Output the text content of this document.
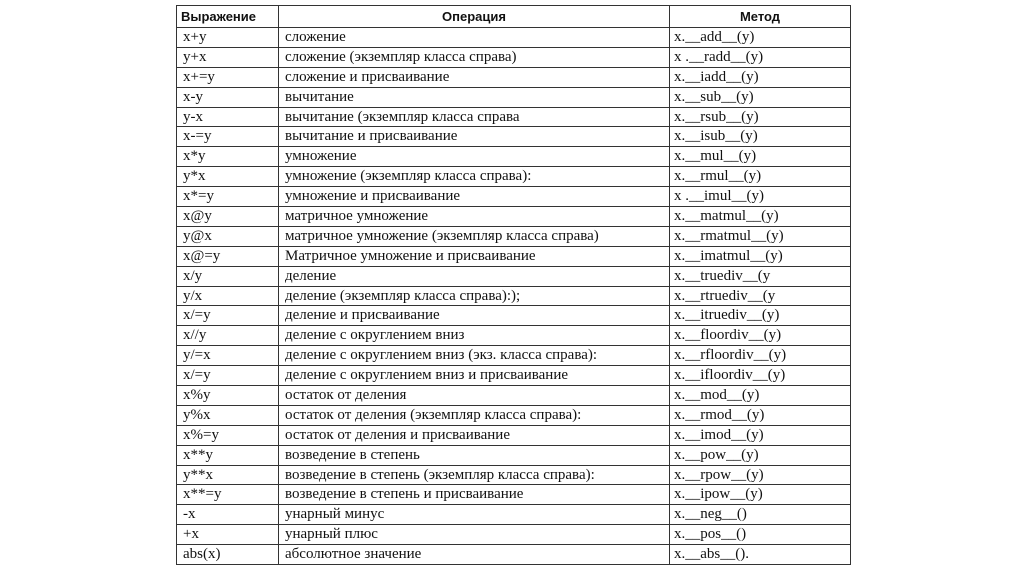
Выражение	Операция	Метод
x+y	сложение	x.__add__(y)
y+x	сложение (экземпляр класса справа)	x .__radd__(y)
x+=y	сложение и присваивание	x.__iadd__(y)
x-y	вычитание	x.__sub__(y)
y-x	вычитание (экземпляр класса справа	x.__rsub__(y)
x-=y	вычитание и присваивание	x.__isub__(y)
x*y	умножение	x.__mul__(y)
y*x	умножение (экземпляр класса справа):	x.__rmul__(y)
x*=y	умножение и присваивание	x .__imul__(y)
x@y	матричное умножение	x.__matmul__(y)
y@x	матричное умножение (экземпляр класса справа)	x.__rmatmul__(y)
x@=y	Матричное умножение и присваивание	x.__imatmul__(y)
x/y	деление	x.__truediv__(y
y/x	деление (экземпляр класса справа):);	x.__rtruediv__(y
x/=y	деление и присваивание	x.__itruediv__(y)
x//y	деление с округлением вниз	x.__floordiv__(y)
y/=x	деление с округлением вниз (экз. класса справа):	x.__rfloordiv__(y)
x/=y	деление с округлением вниз и присваивание	x.__ifloordiv__(y)
x%y	остаток от деления	x.__mod__(y)
y%x	остаток от деления (экземпляр класса справа):	x.__rmod__(y)
x%=y	остаток от деления и присваивание	x.__imod__(y)
x**y	возведение в степень	x.__pow__(y)
y**x	возведение в степень (экземпляр класса справа):	x.__rpow__(y)
x**=y	возведение в степень и присваивание	x.__ipow__(y)
-x	унарный минус	x.__neg__()
+x	унарный плюс	x.__pos__()
abs(x)	абсолютное значение	x.__abs__().
